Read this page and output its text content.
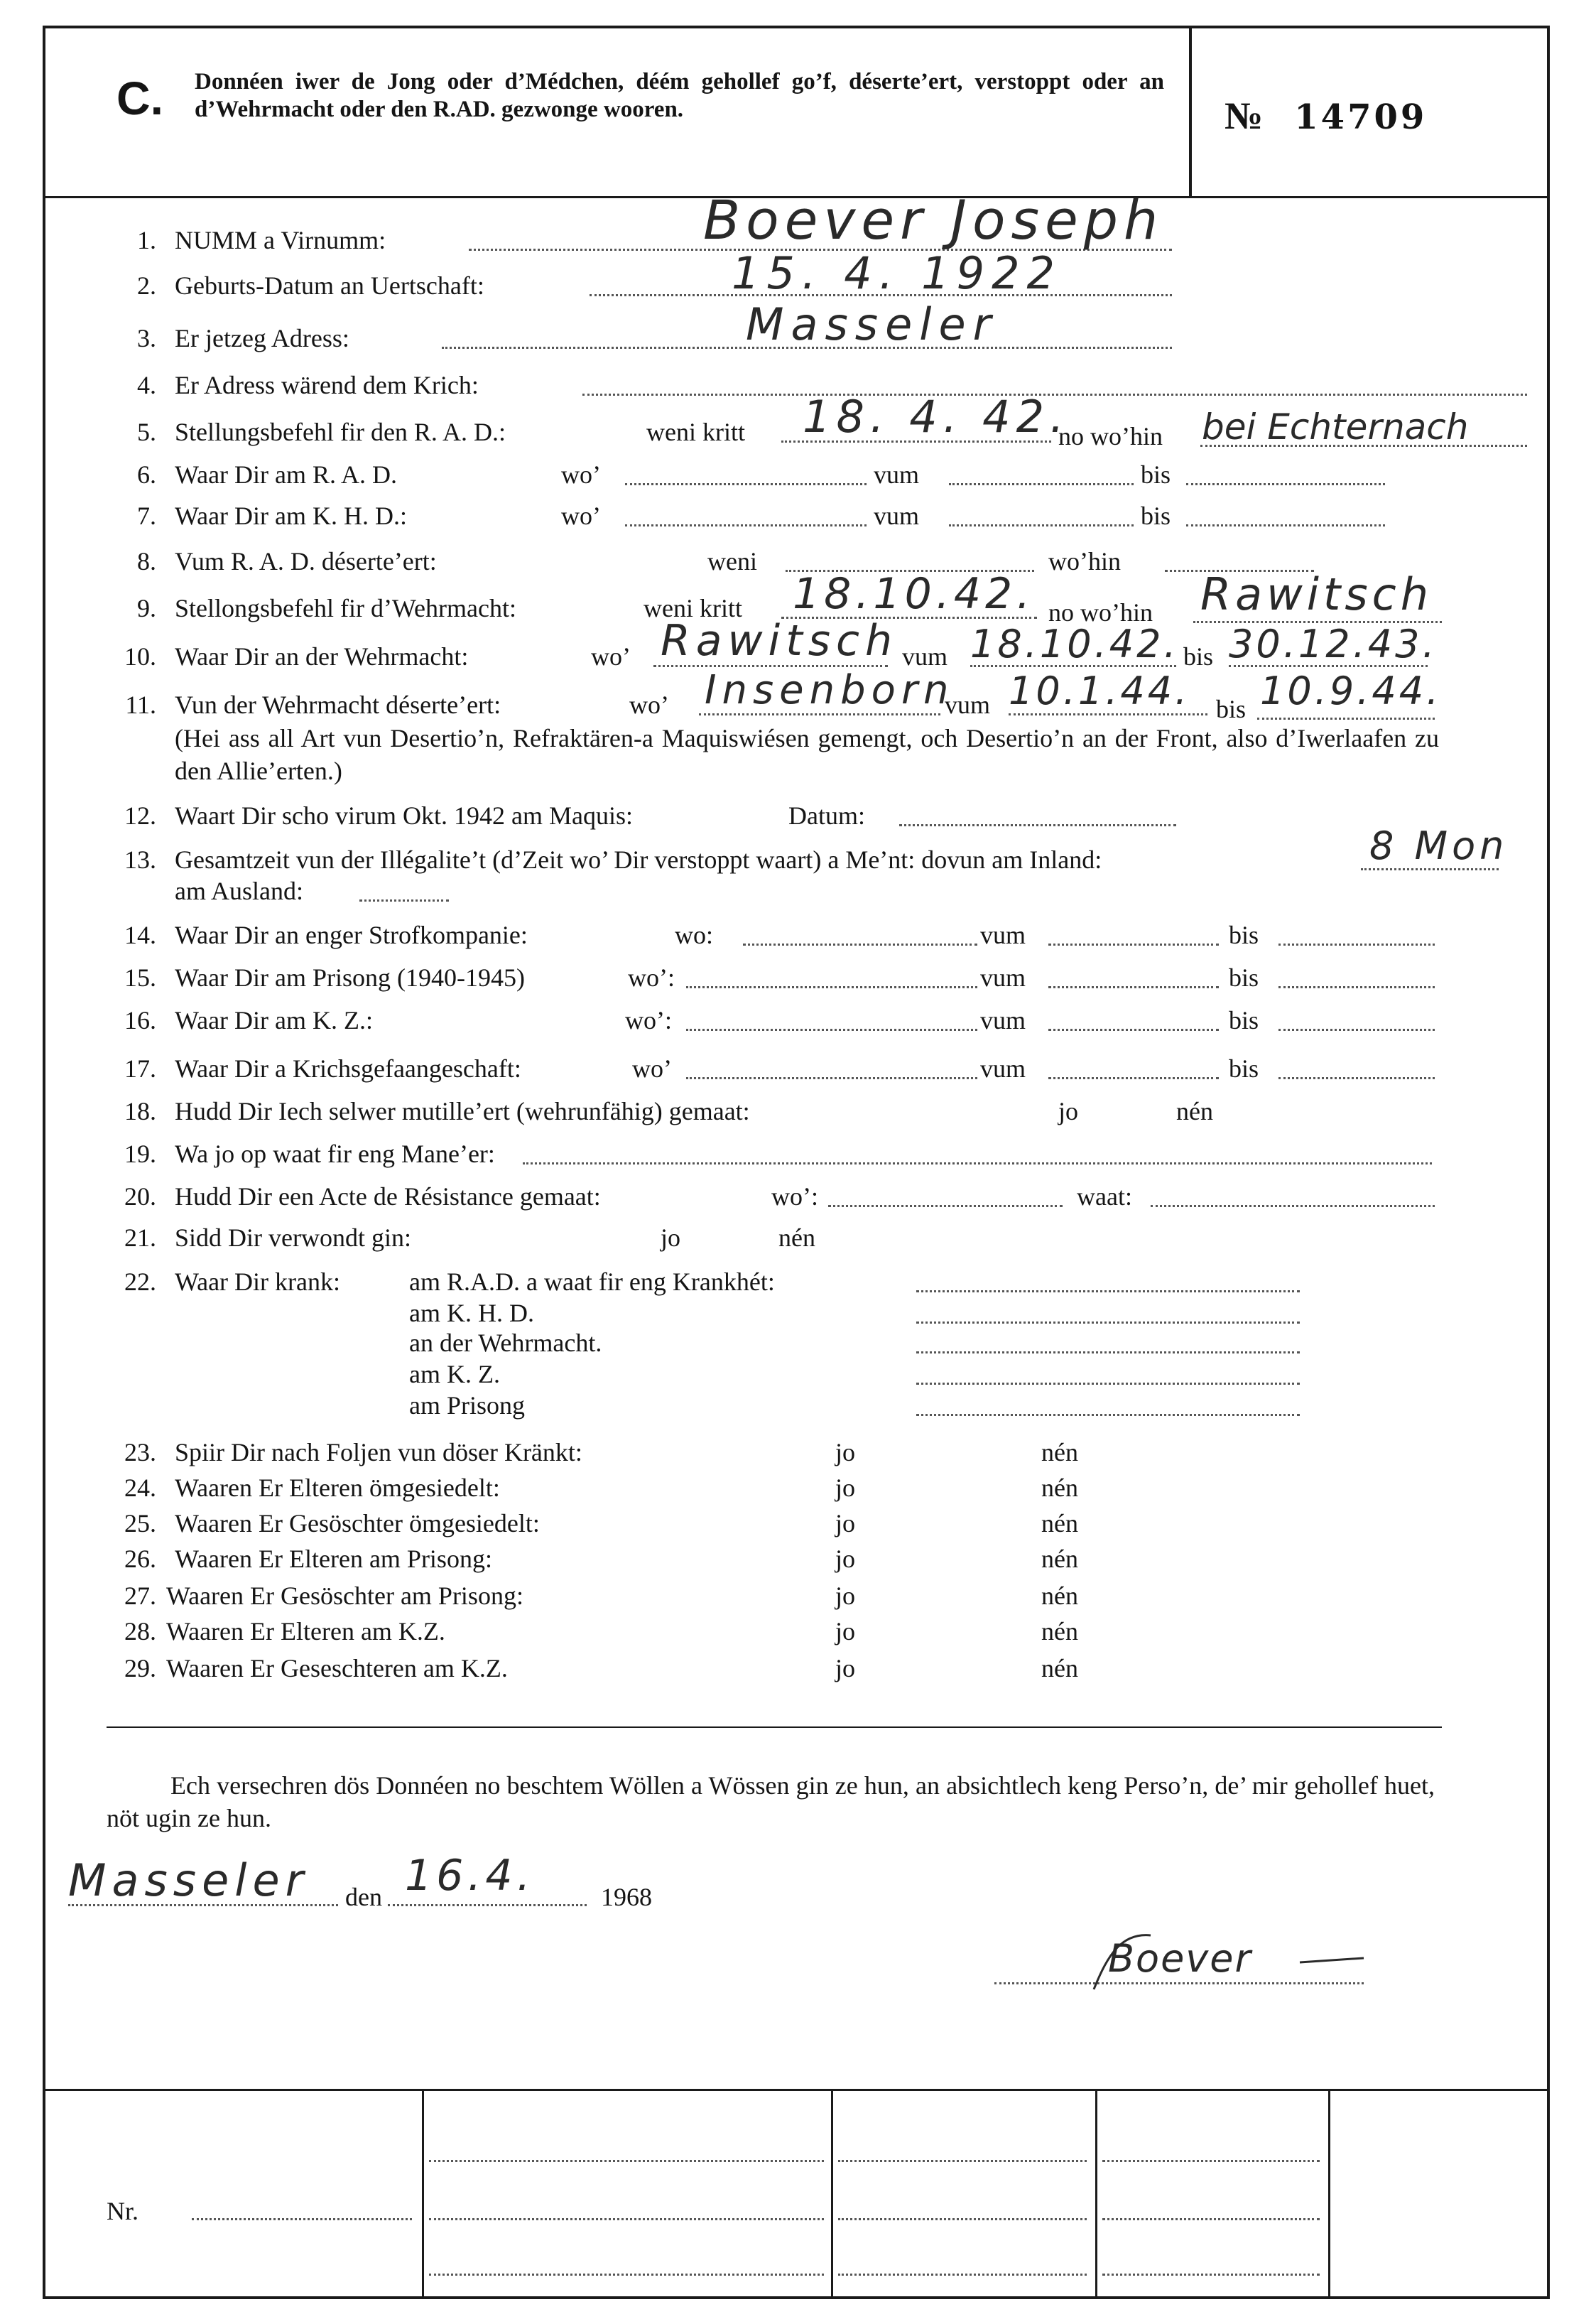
C. Donnéen iwer de Jong oder d’Médchen, déém gehollef go’f, déserte’ert, verstoppt oder an d’Wehrmacht oder den R.AD. gezwonge wooren.	№ 14709
1. NUMM a Virnumm:	Boever Joseph
2. Geburts-Datum an Uertschaft:	15. 4. 1922
3. Er jetzeg Adress:	Masseler
4. Er Adress wärend dem Krich:
5. Stellungsbefehl fir den R. A. D.:	weni kritt 18. 4. 42.
no wo’hin bei Echternach
6. Waar Dir am R. A. D.	wo’	vum	bis
7. Waar Dir am K. H. D.:	wo’	vum	bis
8. Vum R. A. D. déserte’ert:	weni	wo’hin
9. Stellongsbefehl fir d’Wehrmacht:	weni kritt 18.10.42. no wo’hin Rawitsch
10. Waar Dir an der Wehrmacht:	wo’ Rawitsch vum 18.10.42. bis 30.12.43.
11. Vun der Wehrmacht déserte’ert:	wo’ Insenborn
vum 10.1.44. bis 10.9.44.
(Hei ass all Art vun Desertio’n, Refraktären-a Maquiswiésen gemengt, och Desertio’n an der Front, also d’Iwerlaafen zu den Allie’erten.)
12. Waart Dir scho virum Okt. 1942 am Maquis:	Datum:
13. Gesamtzeit vun der Illégalite’t (d’Zeit wo’ Dir verstoppt waart) a Me’nt: dovun am Inland:	8 Mon
am Ausland:
14. Waar Dir an enger Strofkompanie:	wo:	vum	bis
15. Waar Dir am Prisong (1940-1945)	wo’:	vum	bis
16. Waar Dir am K. Z.:	wo’:	vum	bis
17. Waar Dir a Krichsgefaangeschaft:	wo’	vum	bis
18. Hudd Dir Iech selwer mutille’ert (wehrunfähig) gemaat:	jo	nén
19. Wa jo op waat fir eng Mane’er:
20. Hudd Dir een Acte de Résistance gemaat:	wo’:	waat:
21. Sidd Dir verwondt gin:	jo	nén
22. Waar Dir krank:	am R.A.D. a waat fir eng Krankhét:
am K. H. D.
an der Wehrmacht.
am K. Z.
am Prisong
23. Spiir Dir nach Foljen vun döser Kränkt:	jo	nén
24. Waaren Er Elteren ömgesiedelt:	jo	nén
25. Waaren Er Gesöschter ömgesiedelt:	jo	nén
26. Waaren Er Elteren am Prisong:	jo	nén
27. Waaren Er Gesöschter am Prisong:	jo	nén
28. Waaren Er Elteren am K.Z.	jo	nén
29. Waaren Er Geseschteren am K.Z.	jo	nén
Ech versechren dös Donnéen no beschtem Wöllen a Wössen gin ze hun, an absichtlech keng Perso’n, de’ mir gehollef huet, nöt ugin ze hun.
Masseler den 16.4.	1968
Boever
Nr.
